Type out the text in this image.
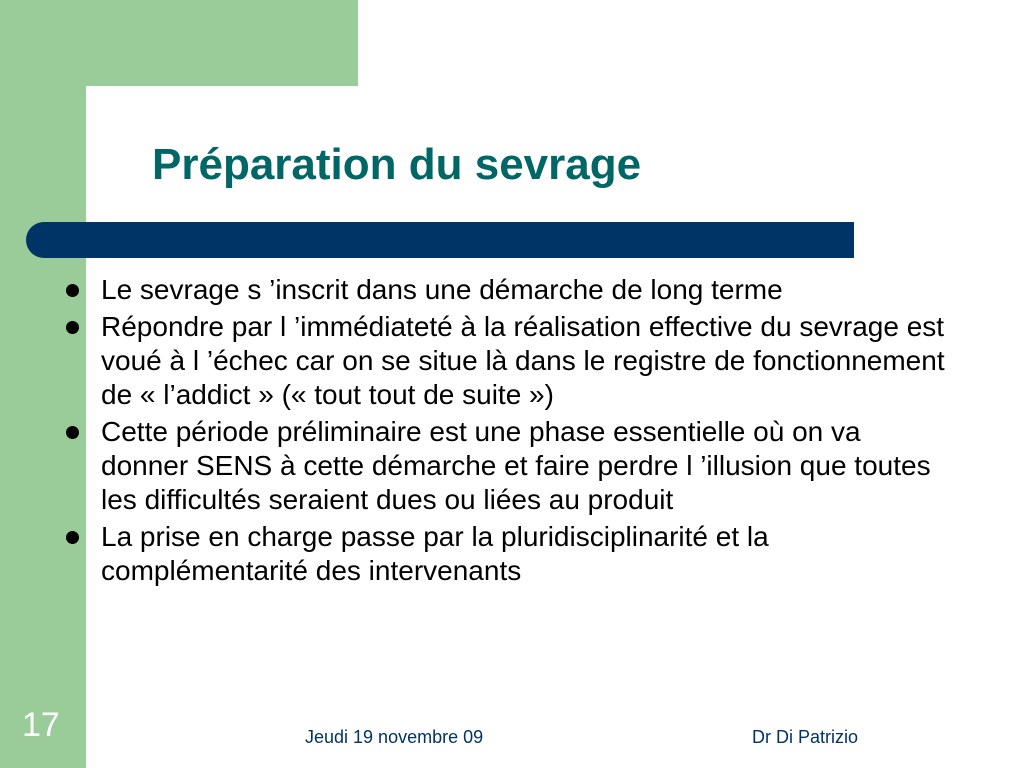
Préparation du sevrage
Le sevrage s ’inscrit dans une démarche de long terme
Répondre par l ’immédiateté à la réalisation effective du sevrage est voué à l ’échec car on se situe là dans le registre de fonctionnement de « l’addict » (« tout tout de suite »)
Cette période préliminaire est une phase essentielle où on va donner SENS à cette démarche et faire perdre l ’illusion que toutes les difficultés seraient dues ou liées au produit
La prise en charge passe par la pluridisciplinarité et la complémentarité des intervenants
17	Jeudi 19 novembre 09	Dr Di Patrizio
